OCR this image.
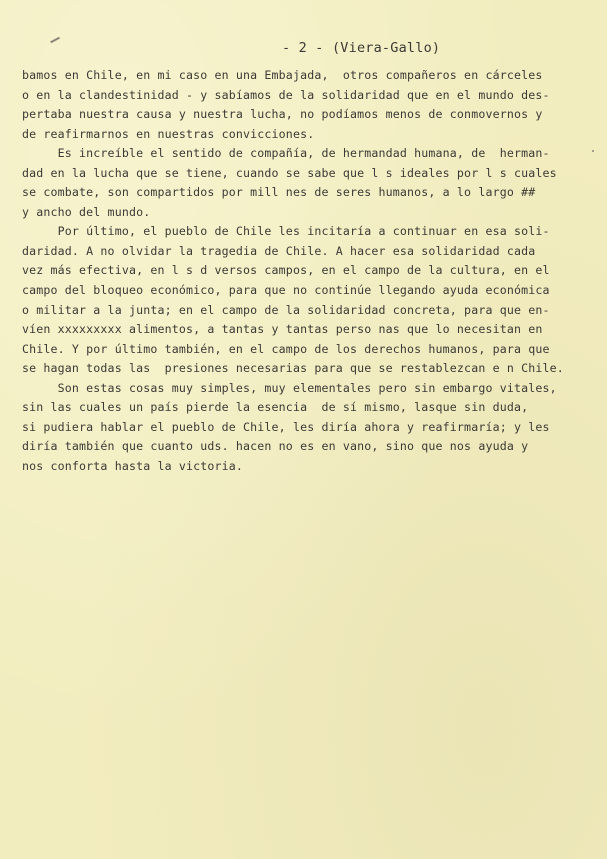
- 2 - (Viera-Gallo)
bamos en Chile, en mi caso en una Embajada,  otros compañeros en cárceles
o en la clandestinidad - y sabíamos de la solidaridad que en el mundo des-
pertaba nuestra causa y nuestra lucha, no podíamos menos de conmovernos y
de reafirmarnos en nuestras convicciones.
Es increíble el sentido de compañía, de hermandad humana, de  herman-
dad en la lucha que se tiene, cuando se sabe que l s ideales por l s cuales
se combate, son compartidos por mill nes de seres humanos, a lo largo ##
y ancho del mundo.
Por último, el pueblo de Chile les incitaría a continuar en esa soli-
daridad. A no olvidar la tragedia de Chile. A hacer esa solidaridad cada
vez más efectiva, en l s d versos campos, en el campo de la cultura, en el
campo del bloqueo económico, para que no continúe llegando ayuda económica
o militar a la junta; en el campo de la solidaridad concreta, para que en-
víen xxxxxxxxx alimentos, a tantas y tantas perso nas que lo necesitan en
Chile. Y por último también, en el campo de los derechos humanos, para que
se hagan todas las  presiones necesarias para que se restablezcan e n Chile.
Son estas cosas muy simples, muy elementales pero sin embargo vitales,
sin las cuales un país pierde la esencia  de sí mismo, lasque sin duda,
si pudiera hablar el pueblo de Chile, les diría ahora y reafirmaría; y les
diría también que cuanto uds. hacen no es en vano, sino que nos ayuda y
nos conforta hasta la victoria.
